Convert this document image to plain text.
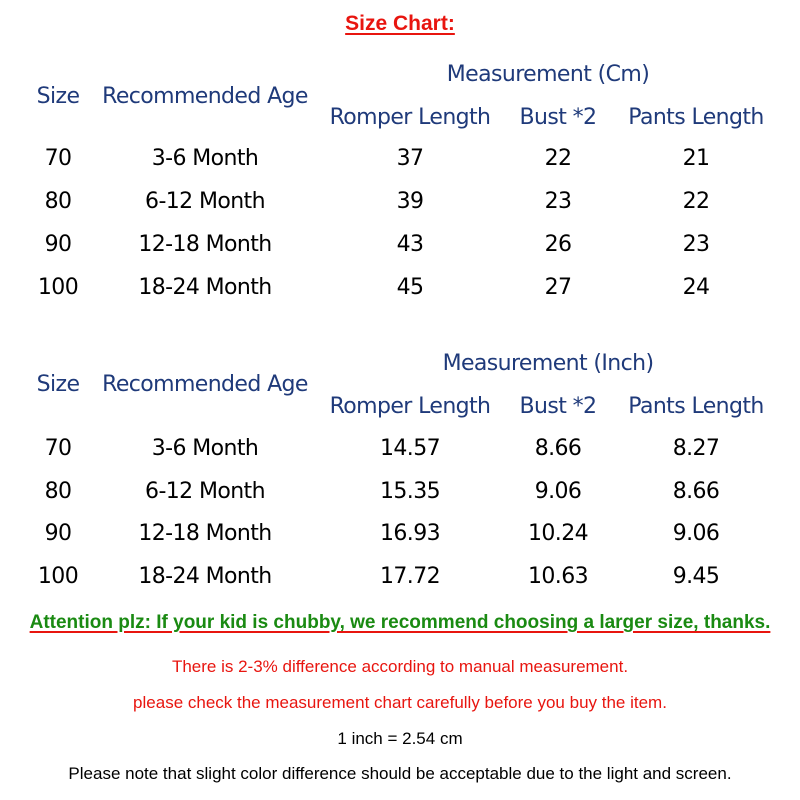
Size Chart:
Measurement (Cm)
Size Recommended Age
Romper Length Bust *2 Pants Length
70	3-6 Month	37	22	21
80	6-12 Month	39	23	22
90	12-18 Month	43	26	23
100	18-24 Month	45	27	24
Measurement (Inch)
Size Recommended Age
Romper Length Bust *2 Pants Length
70	3-6 Month	14.57	8.66	8.27
80	6-12 Month	15.35	9.06	8.66
90	12-18 Month	16.93	10.24	9.06
100	18-24 Month	17.72	10.63	9.45
Attention plz: If your kid is chubby, we recommend choosing a larger size, thanks.
There is 2-3% difference according to manual measurement.
please check the measurement chart carefully before you buy the item.
1 inch = 2.54 cm
Please note that slight color difference should be acceptable due to the light and screen.
